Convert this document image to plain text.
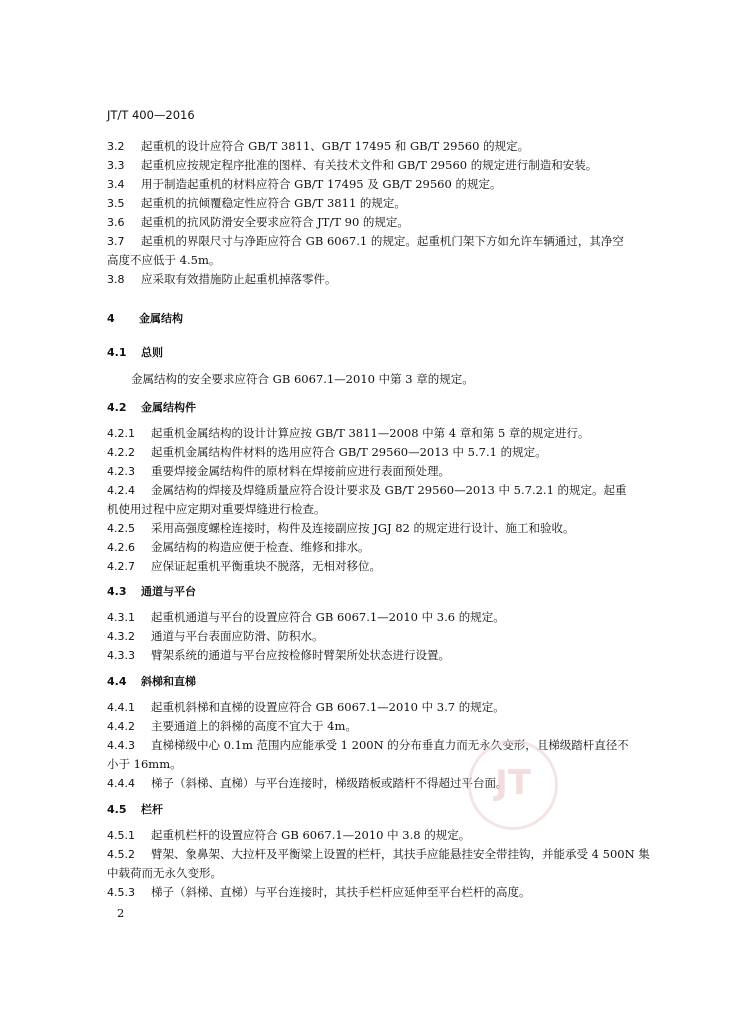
JT/T 400—2016
3.2 起重机的设计应符合 GB/T 3811、GB/T 17495 和 GB/T 29560 的规定。
3.3 起重机应按规定程序批准的图样、有关技术文件和 GB/T 29560 的规定进行制造和安装。
3.4 用于制造起重机的材料应符合 GB/T 17495 及 GB/T 29560 的规定。
3.5 起重机的抗倾覆稳定性应符合 GB/T 3811 的规定。
3.6 起重机的抗风防滑安全要求应符合 JT/T 90 的规定。
3.7 起重机的界限尺寸与净距应符合 GB 6067.1 的规定。起重机门架下方如允许车辆通过，其净空
高度不应低于 4.5m。
3.8 应采取有效措施防止起重机掉落零件。
4 金属结构
4.1 总则
金属结构的安全要求应符合 GB 6067.1—2010 中第 3 章的规定。
4.2 金属结构件
4.2.1 起重机金属结构的设计计算应按 GB/T 3811—2008 中第 4 章和第 5 章的规定进行。
4.2.2 起重机金属结构件材料的选用应符合 GB/T 29560—2013 中 5.7.1 的规定。
4.2.3 重要焊接金属结构件的原材料在焊接前应进行表面预处理。
4.2.4 金属结构的焊接及焊缝质量应符合设计要求及 GB/T 29560—2013 中 5.7.2.1 的规定。起重
机使用过程中应定期对重要焊缝进行检查。
4.2.5 采用高强度螺栓连接时，构件及连接副应按 JGJ 82 的规定进行设计、施工和验收。
4.2.6 金属结构的构造应便于检查、维修和排水。
4.2.7 应保证起重机平衡重块不脱落，无相对移位。
4.3 通道与平台
4.3.1 起重机通道与平台的设置应符合 GB 6067.1—2010 中 3.6 的规定。
4.3.2 通道与平台表面应防滑、防积水。
4.3.3 臂架系统的通道与平台应按检修时臂架所处状态进行设置。
4.4 斜梯和直梯
4.4.1 起重机斜梯和直梯的设置应符合 GB 6067.1—2010 中 3.7 的规定。
4.4.2 主要通道上的斜梯的高度不宜大于 4m。
4.4.3 直梯梯级中心 0.1m 范围内应能承受 1 200N 的分布垂直力而无永久变形，且梯级踏杆直径不
小于 16mm。
4.4.4 梯子（斜梯、直梯）与平台连接时，梯级踏板或踏杆不得超过平台面。
4.5 栏杆
4.5.1 起重机栏杆的设置应符合 GB 6067.1—2010 中 3.8 的规定。
4.5.2 臂架、象鼻架、大拉杆及平衡梁上设置的栏杆，其扶手应能悬挂安全带挂钩，并能承受 4 500N 集
中载荷而无永久变形。
4.5.3 梯子（斜梯、直梯）与平台连接时，其扶手栏杆应延伸至平台栏杆的高度。
2
JT
